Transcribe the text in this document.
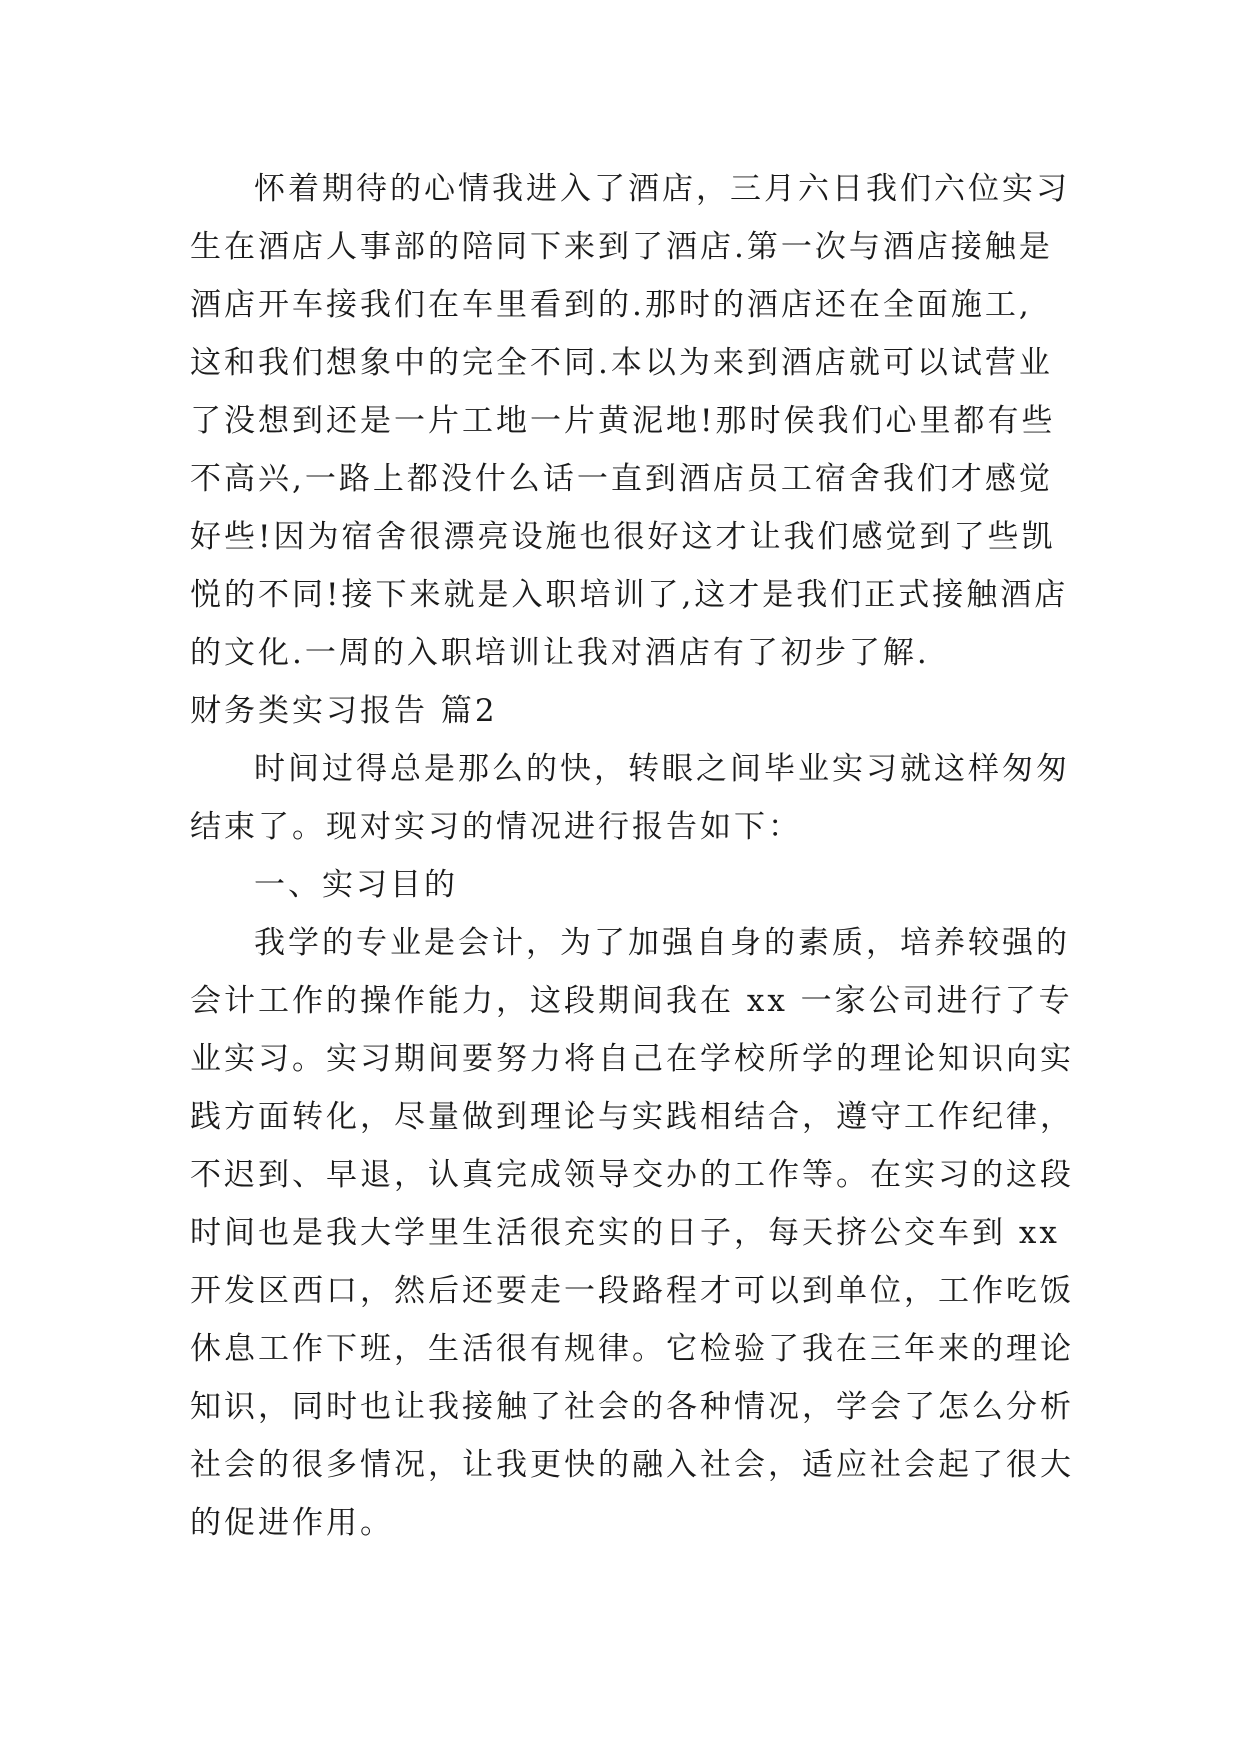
怀着期待的心情我进入了酒店，三月六日我们六位实习
生在酒店人事部的陪同下来到了酒店.第一次与酒店接触是
酒店开车接我们在车里看到的.那时的酒店还在全面施工,
这和我们想象中的完全不同.本以为来到酒店就可以试营业
了没想到还是一片工地一片黄泥地!那时侯我们心里都有些
不高兴,一路上都没什么话一直到酒店员工宿舍我们才感觉
好些!因为宿舍很漂亮设施也很好这才让我们感觉到了些凯
悦的不同!接下来就是入职培训了,这才是我们正式接触酒店
的文化.一周的入职培训让我对酒店有了初步了解.
财务类实习报告 篇2
时间过得总是那么的快，转眼之间毕业实习就这样匆匆
结束了。现对实习的情况进行报告如下：
一、实习目的
我学的专业是会计，为了加强自身的素质，培养较强的
会计工作的操作能力，这段期间我在 xx 一家公司进行了专
业实习。实习期间要努力将自己在学校所学的理论知识向实
践方面转化，尽量做到理论与实践相结合，遵守工作纪律，
不迟到、早退，认真完成领导交办的工作等。在实习的这段
时间也是我大学里生活很充实的日子，每天挤公交车到 xx
开发区西口，然后还要走一段路程才可以到单位，工作吃饭
休息工作下班，生活很有规律。它检验了我在三年来的理论
知识，同时也让我接触了社会的各种情况，学会了怎么分析
社会的很多情况，让我更快的融入社会，适应社会起了很大
的促进作用。
